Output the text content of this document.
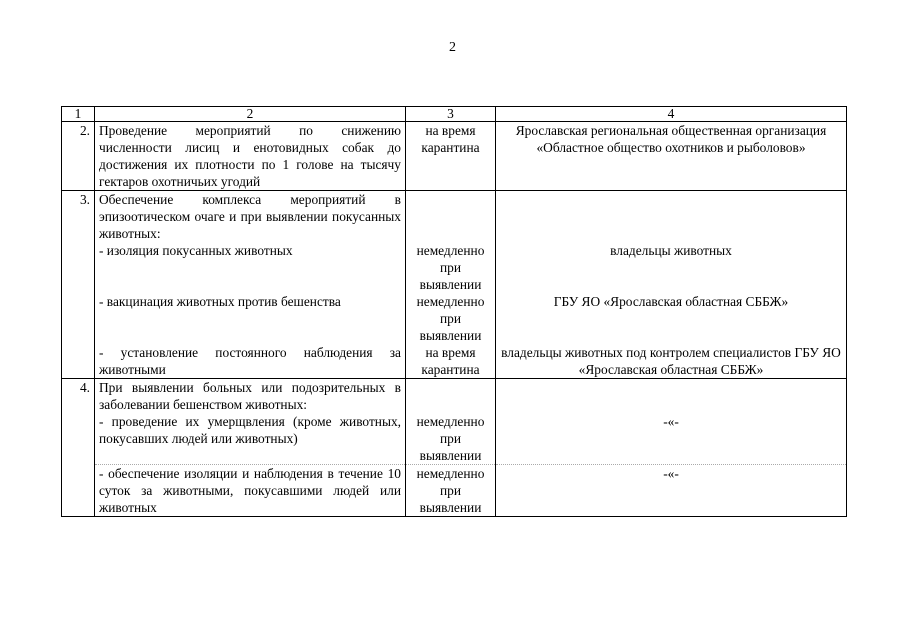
2
1	2	3	4
2.	Проведение мероприятий по снижению численности лисиц и енотовидных собак до достижения их плотности по 1 голове на тысячу гектаров охотничьих угодий	на время карантина	Ярославская региональная общественная организация «Областное общество охотников и рыболовов»
3.	Обеспечение комплекса мероприятий в эпизоотическом очаге и при выявлении покусанных животных:		
	- изоляция покусанных животных	немедленно при выявлении	владельцы животных
	- вакцинация животных против бешенства	немедленно при выявлении	ГБУ ЯО «Ярославская областная СББЖ»
	- установление постоянного наблюдения за животными	на время карантина	владельцы животных под контролем специалистов ГБУ ЯО «Ярославская областная СББЖ»
4.	При выявлении больных или подозрительных в заболевании бешенством животных:		
	- проведение их умерщвления (кроме животных, покусавших людей или животных)	немедленно при выявлении	-«-
	- обеспечение изоляции и наблюдения в течение 10 суток за животными, покусавшими людей или животных	немедленно при выявлении	-«-
